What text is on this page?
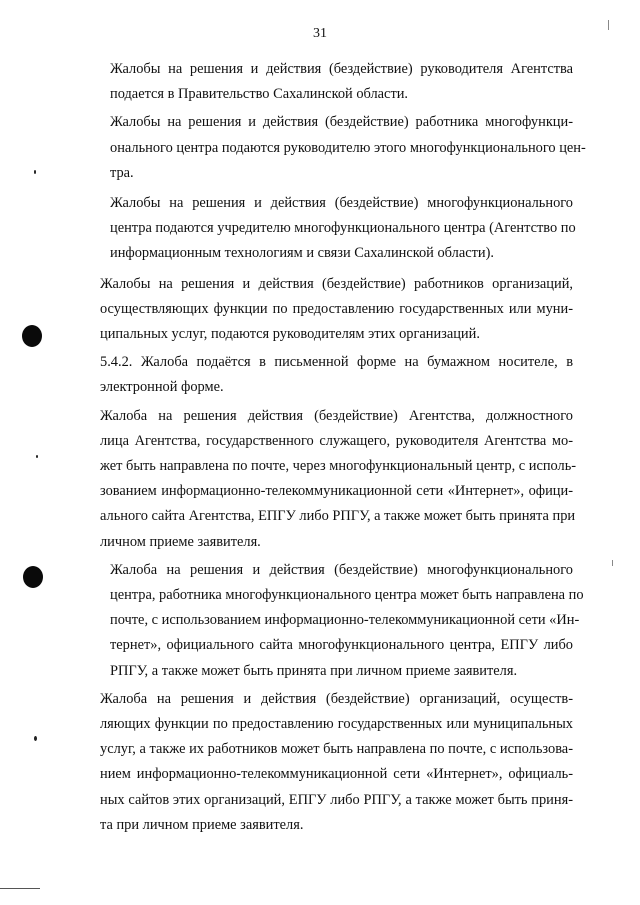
31

Жалобы на решения и действия (бездействие) руководителя Агентства
подается в Правительство Сахалинской области.

Жалобы на решения и действия (бездействие) работника многофункци-
онального центра подаются руководителю этого многофункционального цен-
тра.

Жалобы на решения и действия (бездействие) многофункционального
центра подаются учредителю многофункционального центра (Агентство по
информационным технологиям и связи Сахалинской области).

Жалобы на решения и действия (бездействие) работников организаций,
осуществляющих функции по предоставлению государственных или муни-
ципальных услуг, подаются руководителям этих организаций.

5.4.2. Жалоба подаётся в письменной форме на бумажном носителе, в
электронной форме.

Жалоба на решения действия (бездействие) Агентства, должностного
лица Агентства, государственного служащего, руководителя Агентства мо-
жет быть направлена по почте, через многофункциональный центр, с исполь-
зованием информационно-телекоммуникационной сети «Интернет», офици-
ального сайта Агентства, ЕПГУ либо РПГУ, а также может быть принята при
личном приеме заявителя.

Жалоба на решения и действия (бездействие) многофункционального
центра, работника многофункционального центра может быть направлена по
почте, с использованием информационно-телекоммуникационной сети «Ин-
тернет», официального сайта многофункционального центра, ЕПГУ либо
РПГУ, а также может быть принята при личном приеме заявителя.

Жалоба на решения и действия (бездействие) организаций, осуществ-
ляющих функции по предоставлению государственных или муниципальных
услуг, а также их работников может быть направлена по почте, с использова-
нием информационно-телекоммуникационной сети «Интернет», официаль-
ных сайтов этих организаций, ЕПГУ либо РПГУ, а также может быть приня-
та при личном приеме заявителя.
